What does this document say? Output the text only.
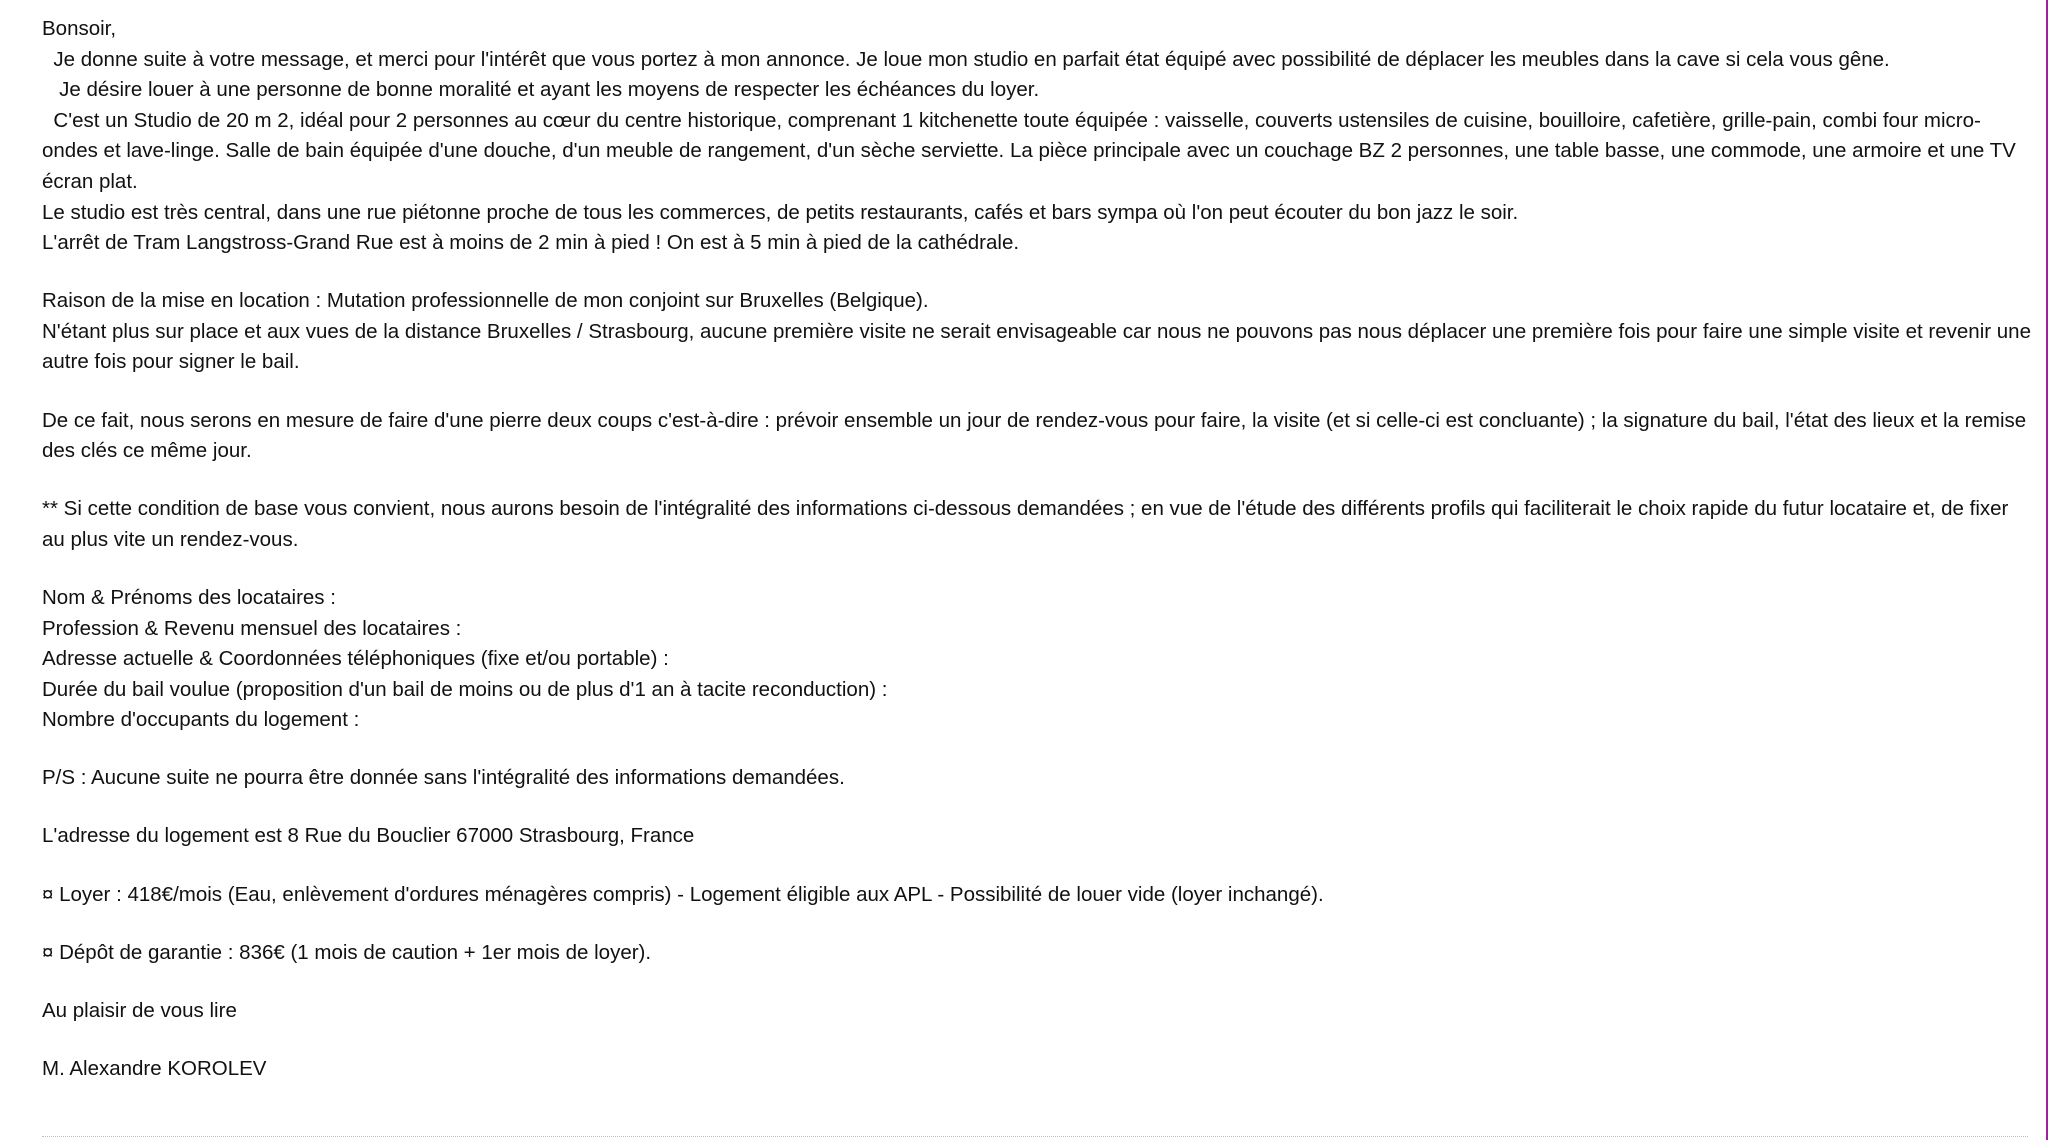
Bonsoir,
Je donne suite à votre message, et merci pour l'intérêt que vous portez à mon annonce. Je loue mon studio en parfait état équipé avec possibilité de déplacer les meubles dans la cave si cela vous gêne.
Je désire louer à une personne de bonne moralité et ayant les moyens de respecter les échéances du loyer.
C'est un Studio de 20 m 2, idéal pour 2 personnes au cœur du centre historique, comprenant 1 kitchenette toute équipée : vaisselle, couverts ustensiles de cuisine, bouilloire, cafetière, grille-pain, combi four micro-ondes et lave-linge. Salle de bain équipée d'une douche, d'un meuble de rangement, d'un sèche serviette. La pièce principale avec un couchage BZ 2 personnes, une table basse, une commode, une armoire et une TV écran plat.
Le studio est très central, dans une rue piétonne proche de tous les commerces, de petits restaurants, cafés et bars sympa où l'on peut écouter du bon jazz le soir.
L'arrêt de Tram Langstross-Grand Rue est à moins de 2 min à pied ! On est à 5 min à pied de la cathédrale.
Raison de la mise en location : Mutation professionnelle de mon conjoint sur Bruxelles (Belgique).
N'étant plus sur place et aux vues de la distance Bruxelles / Strasbourg, aucune première visite ne serait envisageable car nous ne pouvons pas nous déplacer une première fois pour faire une simple visite et revenir une autre fois pour signer le bail.
De ce fait, nous serons en mesure de faire d'une pierre deux coups c'est-à-dire : prévoir ensemble un jour de rendez-vous pour faire, la visite (et si celle-ci est concluante) ; la signature du bail, l'état des lieux et la remise des clés ce même jour.
** Si cette condition de base vous convient, nous aurons besoin de l'intégralité des informations ci-dessous demandées ; en vue de l'étude des différents profils qui faciliterait le choix rapide du futur locataire et, de fixer au plus vite un rendez-vous.
Nom & Prénoms des locataires :
Profession & Revenu mensuel des locataires :
Adresse actuelle & Coordonnées téléphoniques (fixe et/ou portable) :
Durée du bail voulue (proposition d'un bail de moins ou de plus d'1 an à tacite reconduction) :
Nombre d'occupants du logement :
P/S : Aucune suite ne pourra être donnée sans l'intégralité des informations demandées.
L'adresse du logement est 8 Rue du Bouclier 67000 Strasbourg, France
¤ Loyer : 418€/mois (Eau, enlèvement d'ordures ménagères compris) - Logement éligible aux APL - Possibilité de louer vide (loyer inchangé).
¤ Dépôt de garantie : 836€ (1 mois de caution + 1er mois de loyer).
Au plaisir de vous lire
M. Alexandre KOROLEV
